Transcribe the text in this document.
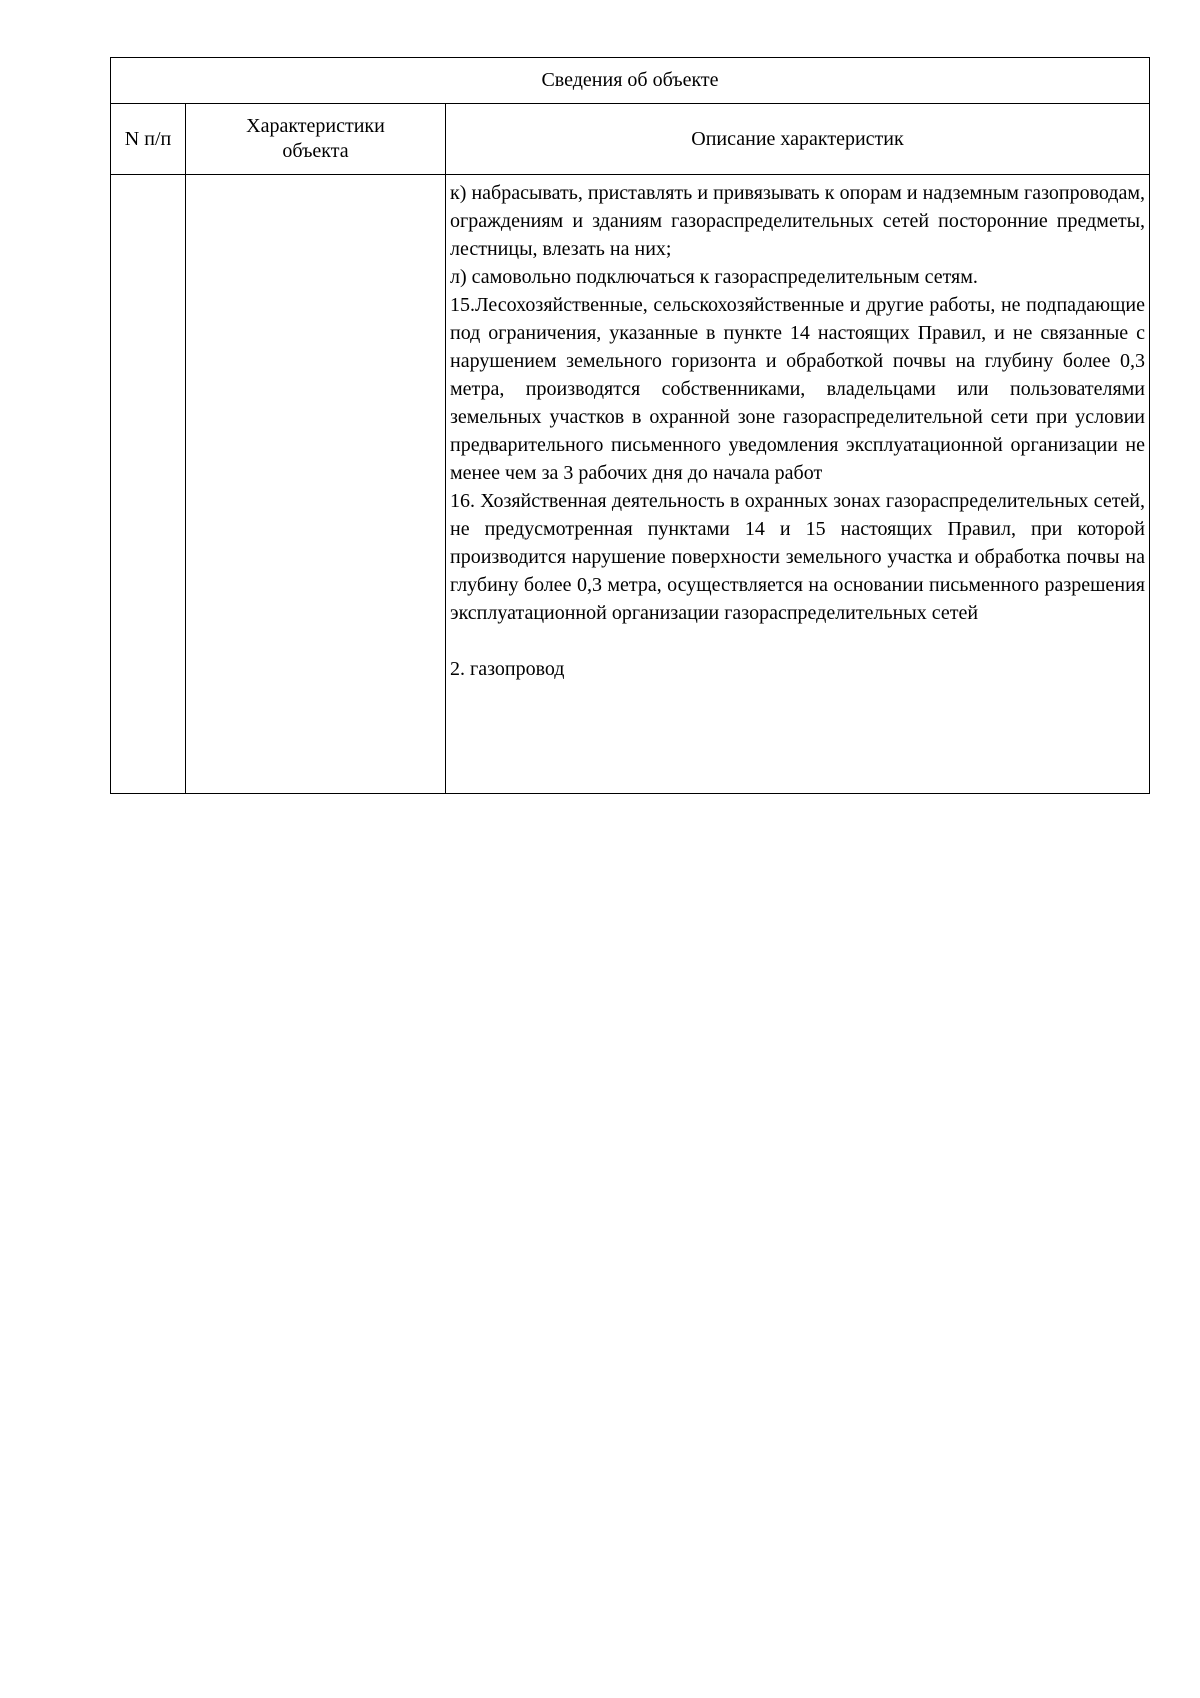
Сведения об объекте		
N п/п	Характеристики объекта	Описание характеристик

		к) набрасывать, приставлять и привязывать к опорам и надземным газопроводам, ограждениям и зданиям газораспределительных сетей посторонние предметы, лестницы, влезать на них;
л) самовольно подключаться к газораспределительным сетям.
15.Лесохозяйственные, сельскохозяйственные и другие работы, не подпадающие под ограничения, указанные в пункте 14 настоящих Правил, и не связанные с нарушением земельного горизонта и обработкой почвы на глубину более 0,3 метра, производятся собственниками, владельцами или пользователями земельных участков в охранной зоне газораспределительной сети при условии предварительного письменного уведомления эксплуатационной организации не менее чем за 3 рабочих дня до начала работ
16. Хозяйственная деятельность в охранных зонах газораспределительных сетей, не предусмотренная пунктами 14 и 15 настоящих Правил, при которой производится нарушение поверхности земельного участка и обработка почвы на глубину более 0,3 метра, осуществляется на основании письменного разрешения эксплуатационной организации газораспределительных сетей
2. газопровод
